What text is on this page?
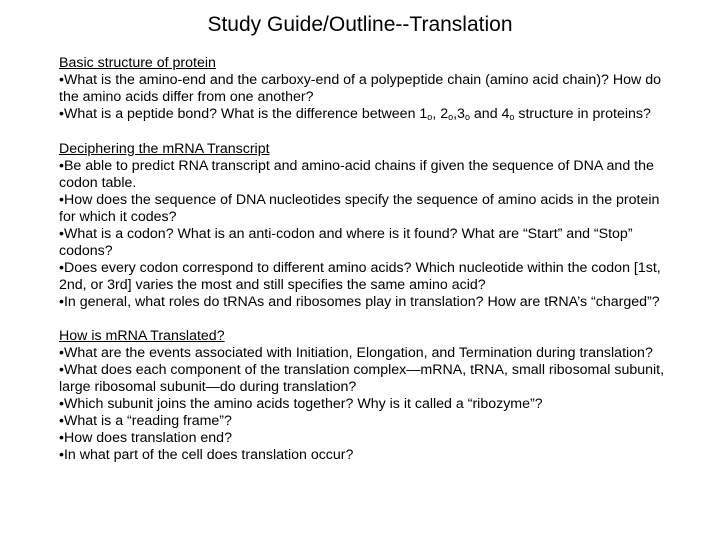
Study Guide/Outline--Translation
Basic structure of protein

•What is the amino-end and the carboxy-end of a polypeptide chain (amino acid chain)? How do the amino acids differ from one another?

•What is a peptide bond? What is the difference between 1$^o$, 2$^o$,3$^o$ and 4$^o$ structure in proteins?

Deciphering the mRNA Transcript

•Be able to predict RNA transcript and amino-acid chains if given the sequence of DNA and the codon table.

•How does the sequence of DNA nucleotides specify the sequence of amino acids in the protein for which it codes?

•What is a codon? What is an anti-codon and where is it found? What are “Start” and “Stop” codons?

•Does every codon correspond to different amino acids? Which nucleotide within the codon [1st, 2nd, or 3rd] varies the most and still specifies the same amino acid?

•In general, what roles do tRNAs and ribosomes play in translation? How are tRNA’s “charged”?

How is mRNA Translated?

•What are the events associated with Initiation, Elongation, and Termination during translation?

•What does each component of the translation complex—mRNA, tRNA, small ribosomal subunit, large ribosomal subunit—do during translation?

•Which subunit joins the amino acids together? Why is it called a “ribozyme”?

•What is a “reading frame”?

•How does translation end?

•In what part of the cell does translation occur?
